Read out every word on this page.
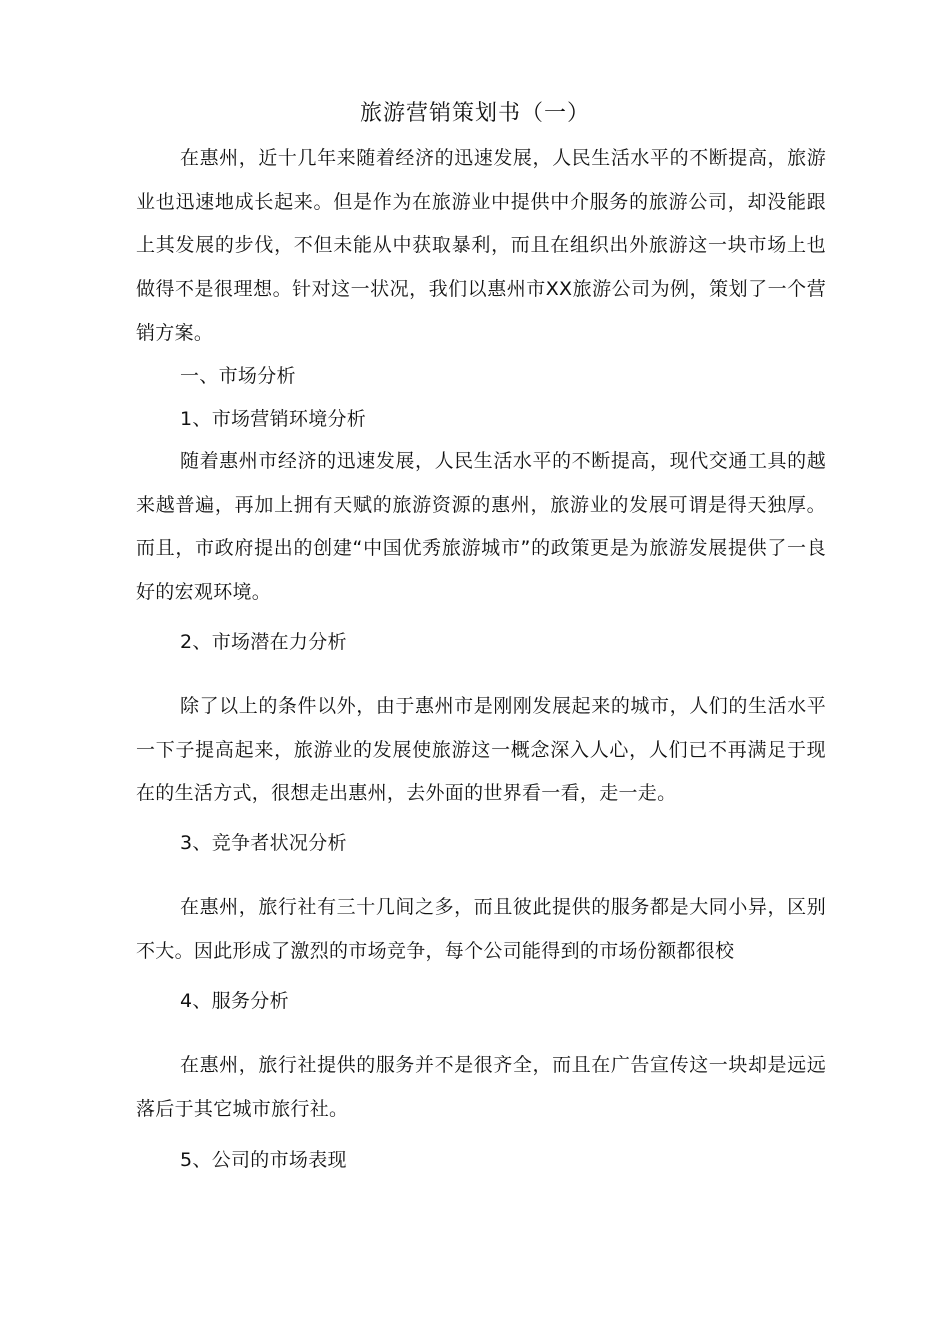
旅游营销策划书（一）

在惠州，近十几年来随着经济的迅速发展，人民生活水平的不断提高，旅游业也迅速地成长起来。但是作为在旅游业中提供中介服务的旅游公司，却没能跟上其发展的步伐，不但未能从中获取暴利，而且在组织出外旅游这一块市场上也做得不是很理想。针对这一状况，我们以惠州市XX旅游公司为例，策划了一个营销方案。

一、市场分析

1、市场营销环境分析

随着惠州市经济的迅速发展，人民生活水平的不断提高，现代交通工具的越来越普遍，再加上拥有天赋的旅游资源的惠州，旅游业的发展可谓是得天独厚。而且，市政府提出的创建“中国优秀旅游城市”的政策更是为旅游发展提供了一良好的宏观环境。

2、市场潜在力分析

除了以上的条件以外，由于惠州市是刚刚发展起来的城市，人们的生活水平一下子提高起来，旅游业的发展使旅游这一概念深入人心，人们已不再满足于现在的生活方式，很想走出惠州，去外面的世界看一看，走一走。

3、竞争者状况分析

在惠州，旅行社有三十几间之多，而且彼此提供的服务都是大同小异，区别不大。因此形成了激烈的市场竞争，每个公司能得到的市场份额都很校

4、服务分析

在惠州，旅行社提供的服务并不是很齐全，而且在广告宣传这一块却是远远落后于其它城市旅行社。

5、公司的市场表现
